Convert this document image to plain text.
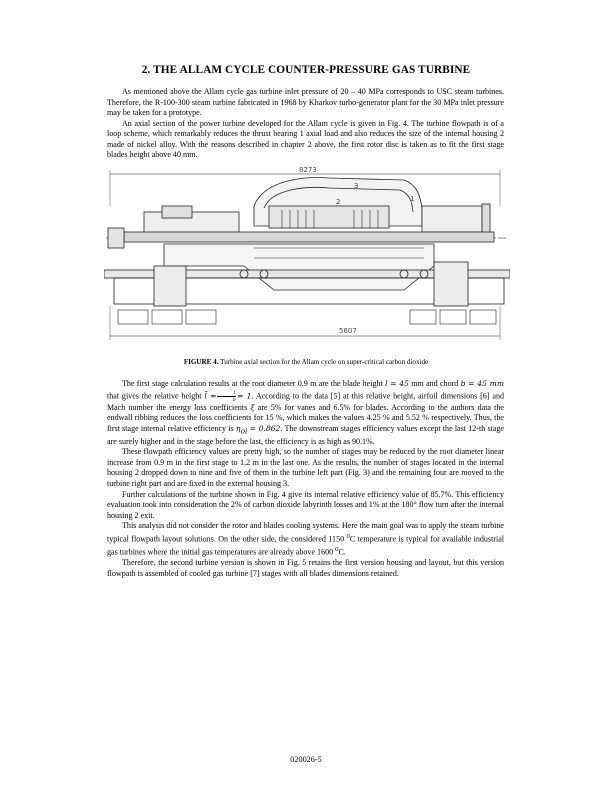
2. THE ALLAM CYCLE COUNTER-PRESSURE GAS TURBINE

As mentioned above the Allam cycle gas turbine inlet pressure of 20 – 40 MPa corresponds to USC steam turbines. Therefore, the R-100-300 steam turbine fabricated in 1968 by Kharkov turbo-generator plant for the 30 MPa inlet pressure may be taken for a prototype.

An axial section of the power turbine developed for the Allam cycle is given in Fig. 4. The turbine flowpath is of a loop scheme, which remarkably reduces the thrust bearing 1 axial load and also reduces the size of the internal housing 2 made of nickel alloy. With the reasons described in chapter 2 above, the first rotor disc is taken as to fit the first stage blades height above 40 mm.

8273
5607
1
2
3
FIGURE 4. Turbine axial section for the Allam cycle on super-critical carbon dioxide

The first stage calculation results at the root diameter 0.9 m are the blade height l = 45 mm and chord b = 45 mm that gives the relative height l̄ = $\frac{l}{b} = 1$. According to the data [5] at this relative height, airfoil dimensions [6] and Mach number the energy loss coefficients ξ are 5% for vanes and 6.5% for blades. According to the authors data the endwall ribbing reduces the loss coefficients for 15 %, which makes the values 4.25 % and 5.52 % respectively. Thus, the first stage internal relative efficiency is $\eta_{oi} = 0.862$. The downstream stages efficiency values except the last 12-th stage are surely higher and in the stage before the last, the efficiency is as high as 90.1%.

These flowpath efficiency values are pretty high, so the number of stages may be reduced by the root diameter linear increase from 0.9 m in the first stage to 1.2 m in the last one. As the results, the number of stages located in the internal housing 2 dropped down to nine and five of them in the turbine left part (Fig. 3) and the remaining four are moved to the turbine right part and are fixed in the external housing 3.

Further calculations of the turbine shown in Fig. 4 give its internal relative efficiency value of 85.7%. This efficiency evaluation took into consideration the 2% of carbon dioxide labyrinth losses and 1% at the 180° flow turn after the internal housing 2 exit.

This analysis did not consider the rotor and blades cooling systems. Here the main goal was to apply the steam turbine typical flowpath layout solutions. On the other side, the considered 1150 $^0$C temperature is typical for available industrial gas turbines where the initial gas temperatures are already above 1600 $^0$C.

Therefore, the second turbine version is shown in Fig. 5 retains the first version housing and layout, but this version flowpath is assembled of cooled gas turbine [7] stages with all blades dimensions retained.

020026-5
